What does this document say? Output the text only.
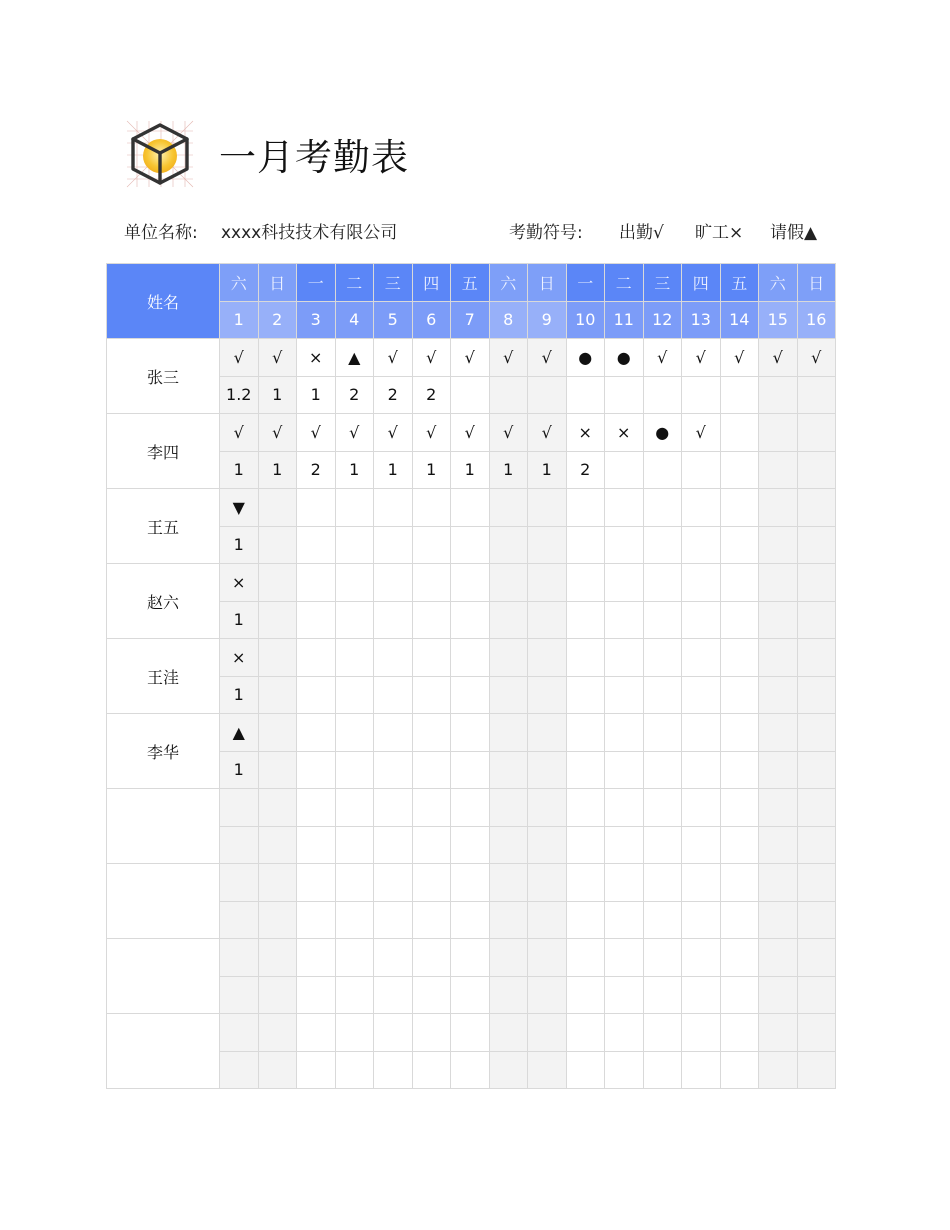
一月考勤表
单位名称: xxxx科技技术有限公司	考勤符号: 出勤√ 旷工× 请假▲
姓名	六	日	一	二	三	四	五	六	日	一	二	三	四	五	六	日
	1	2	3	4	5	6	7	8	9	10	11	12	13	14	15	16
张三	√	√	×	▲	√	√	√	√	√	●	●	√	√	√	√	√
	1.2	1	1	2	2	2										
李四	√	√	√	√	√	√	√	√	√	×	×	●	√			
	1	1	2	1	1	1	1	1	1	2						
王五	▼															
	1															
赵六	×															
	1															
王洼	×															
	1															
李华	▲															
	1															
